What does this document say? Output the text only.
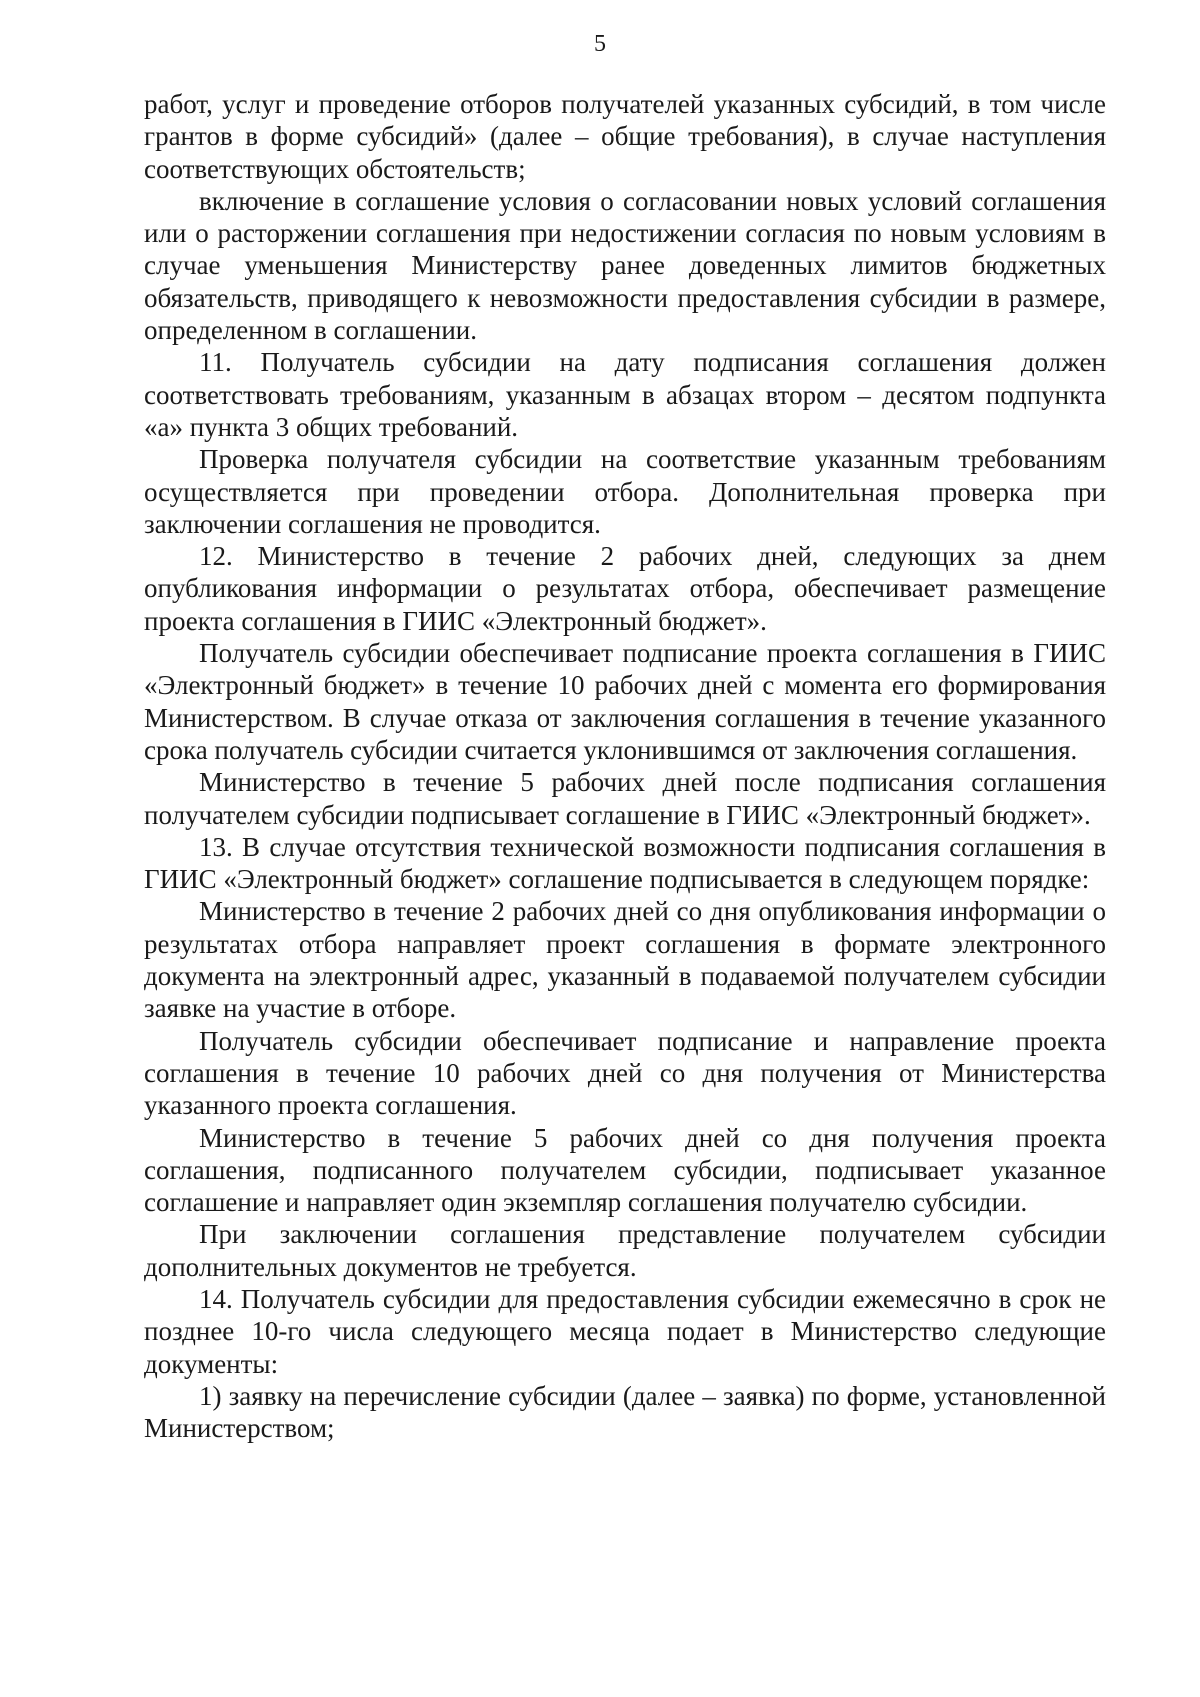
5

работ, услуг и проведение отборов получателей указанных субсидий, в том числе грантов в форме субсидий» (далее – общие требования), в случае наступления соответствующих обстоятельств;

включение в соглашение условия о согласовании новых условий соглашения или о расторжении соглашения при недостижении согласия по новым условиям в случае уменьшения Министерству ранее доведенных лимитов бюджетных обязательств, приводящего к невозможности предоставления субсидии в размере, определенном в соглашении.

11. Получатель субсидии на дату подписания соглашения должен соответствовать требованиям, указанным в абзацах втором – десятом подпункта «а» пункта 3 общих требований.

Проверка получателя субсидии на соответствие указанным требованиям осуществляется при проведении отбора. Дополнительная проверка при заключении соглашения не проводится.

12. Министерство в течение 2 рабочих дней, следующих за днем опубликования информации о результатах отбора, обеспечивает размещение проекта соглашения в ГИИС «Электронный бюджет».

Получатель субсидии обеспечивает подписание проекта соглашения в ГИИС «Электронный бюджет» в течение 10 рабочих дней с момента его формирования Министерством. В случае отказа от заключения соглашения в течение указанного срока получатель субсидии считается уклонившимся от заключения соглашения.

Министерство в течение 5 рабочих дней после подписания соглашения получателем субсидии подписывает соглашение в ГИИС «Электронный бюджет».

13. В случае отсутствия технической возможности подписания соглашения в ГИИС «Электронный бюджет» соглашение подписывается в следующем порядке:

Министерство в течение 2 рабочих дней со дня опубликования информации о результатах отбора направляет проект соглашения в формате электронного документа на электронный адрес, указанный в подаваемой получателем субсидии заявке на участие в отборе.

Получатель субсидии обеспечивает подписание и направление проекта соглашения в течение 10 рабочих дней со дня получения от Министерства указанного проекта соглашения.

Министерство в течение 5 рабочих дней со дня получения проекта соглашения, подписанного получателем субсидии, подписывает указанное соглашение и направляет один экземпляр соглашения получателю субсидии.

При заключении соглашения представление получателем субсидии дополнительных документов не требуется.

14. Получатель субсидии для предоставления субсидии ежемесячно в срок не позднее 10-го числа следующего месяца подает в Министерство следующие документы:

1) заявку на перечисление субсидии (далее – заявка) по форме, установленной Министерством;
